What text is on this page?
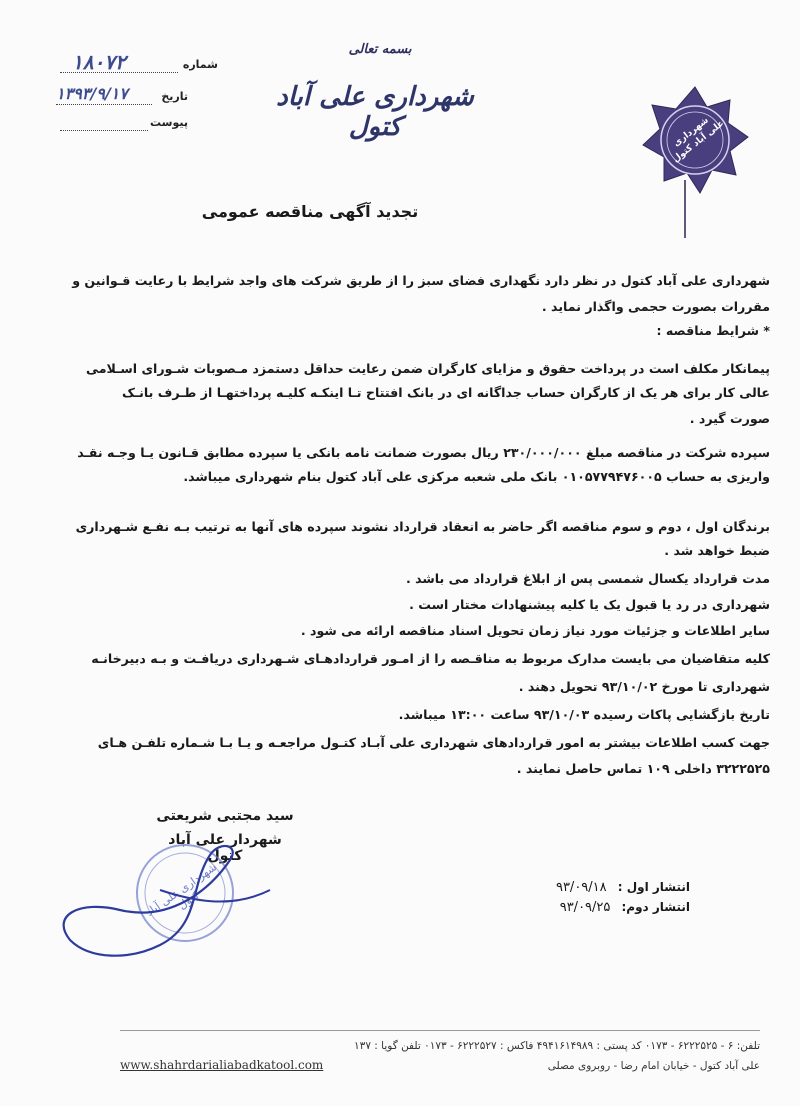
شماره
۱۸۰۷۲
تاریخ
۱۳۹۳/۹/۱۷
پیوست
بسمه تعالی
شهرداری علی آباد کتول	شهرداری علی آباد کتول
تجدید آگهی مناقصه عمومی
شهرداری علی آباد کتول در نظر دارد نگهداری فضای سبز را از طریق شرکت های واجد شرایط با رعایت قـوانین و
مقررات بصورت حجمی واگذار نماید .
* شرایط مناقصه :
پیمانکار مکلف است در پرداخت حقوق و مزایای کارگران ضمن رعایت حداقل دستمزد مـصوبات شـورای اسـلامی
عالی کار برای هر یک از کارگران حساب جداگانه ای در بانک افتتاح تـا اینکـه کلیـه پرداختهـا از طـرف بانـک
صورت گیرد .
سپرده شرکت در مناقصه مبلغ ۲۳۰/۰۰۰/۰۰۰ ریال بصورت ضمانت نامه بانکی یا سپرده مطابق قـانون یـا وجـه نقـد
واریزی به حساب ۰۱۰۵۷۷۹۴۷۶۰۰۵ بانک ملی شعبه مرکزی علی آباد کتول بنام شهرداری میباشد.
برندگان اول ، دوم و سوم مناقصه اگر حاضر به انعقاد قرارداد نشوند سپرده های آنها به ترتیب بـه نفـع شـهرداری
ضبط خواهد شد .
مدت قرارداد یکسال شمسی پس از ابلاغ قرارداد می باشد .
شهرداری در رد یا قبول یک یا کلیه پیشنهادات مختار است .
سایر اطلاعات و جزئیات مورد نیاز زمان تحویل اسناد مناقصه ارائه می شود .
کلیه متقاضیان می بایست مدارک مربوط به مناقـصه را از امـور قراردادهـای شـهرداری دریافـت و بـه دبیرخانـه
شهرداری تا مورخ ۹۳/۱۰/۰۲ تحویل دهند .
تاریخ بازگشایی پاکات رسیده ۹۳/۱۰/۰۳ ساعت ۱۳:۰۰ میباشد.
جهت کسب اطلاعات بیشتر به امور قراردادهای شهرداری علی آبـاد کتـول مراجعـه و یـا بـا شـماره تلفـن هـای
۳۲۲۲۵۲۵ داخلی ۱۰۹ تماس حاصل نمایند .
سید مجتبی شریعتی
شهردار علی آباد کتول
شهرداری علی آباد کتول
انتشار اول : ۹۳/۰۹/۱۸
انتشار دوم: ۹۳/۰۹/۲۵
تلفن: ۶ - ۶۲۲۲۵۲۵ - ۰۱۷۳ کد پستی : ۴۹۴۱۶۱۴۹۸۹ فاکس : ۶۲۲۲۵۲۷ - ۰۱۷۳ تلفن گویا : ۱۳۷
علی آباد کتول - خیابان امام رضا - روبروی مصلی
www.shahrdarialiabadkatool.com
